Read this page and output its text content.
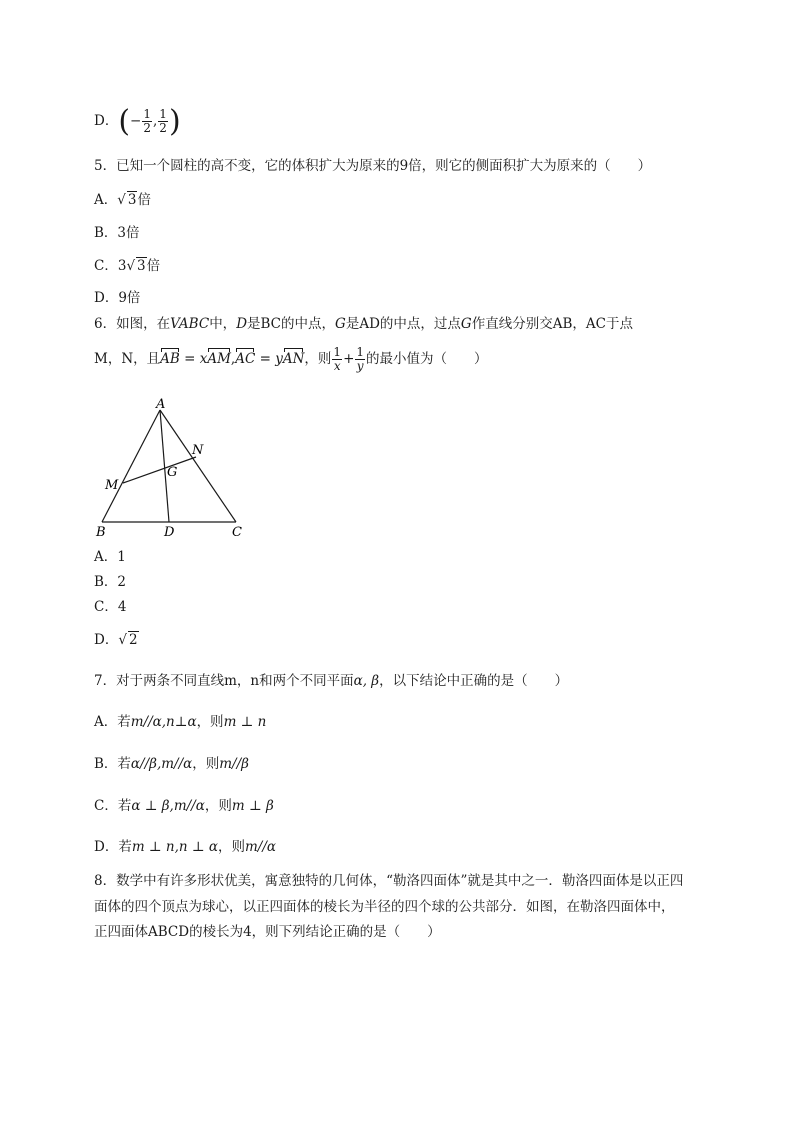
D．(− $\frac{1}{2}$ , $\frac{1}{2}$ )
5．已知一个圆柱的高不变，它的体积扩大为原来的9倍，则它的侧面积扩大为原来的（　　）
A．√ 3倍
B．3倍
C．3√ 3倍
D．9倍
6．如图，在VABC中，D是BC的中点，G是AD的中点，过点G作直线分别交AB，AC于点
M，N，且AB = xAM,AC = yAN，则 $\frac{1}{x} + \frac{1}{y}$ 的最小值为（　　）
A
B	C
D
G
M
N
A．1
B．2
C．4
D．√ 2
7．对于两条不同直线m，n和两个不同平面α, β，以下结论中正确的是（　　）
A．若m//α,n⊥α，则m ⊥ n
B．若α//β,m//α，则m//β
C．若α ⊥ β,m//α，则m ⊥ β
D．若m ⊥ n,n ⊥ α，则m//α
8．数学中有许多形状优美，寓意独特的几何体，“勒洛四面体”就是其中之一．勒洛四面体是以正四
面体的四个顶点为球心，以正四面体的棱长为半径的四个球的公共部分．如图，在勒洛四面体中，
正四面体ABCD的棱长为4，则下列结论正确的是（　　）
